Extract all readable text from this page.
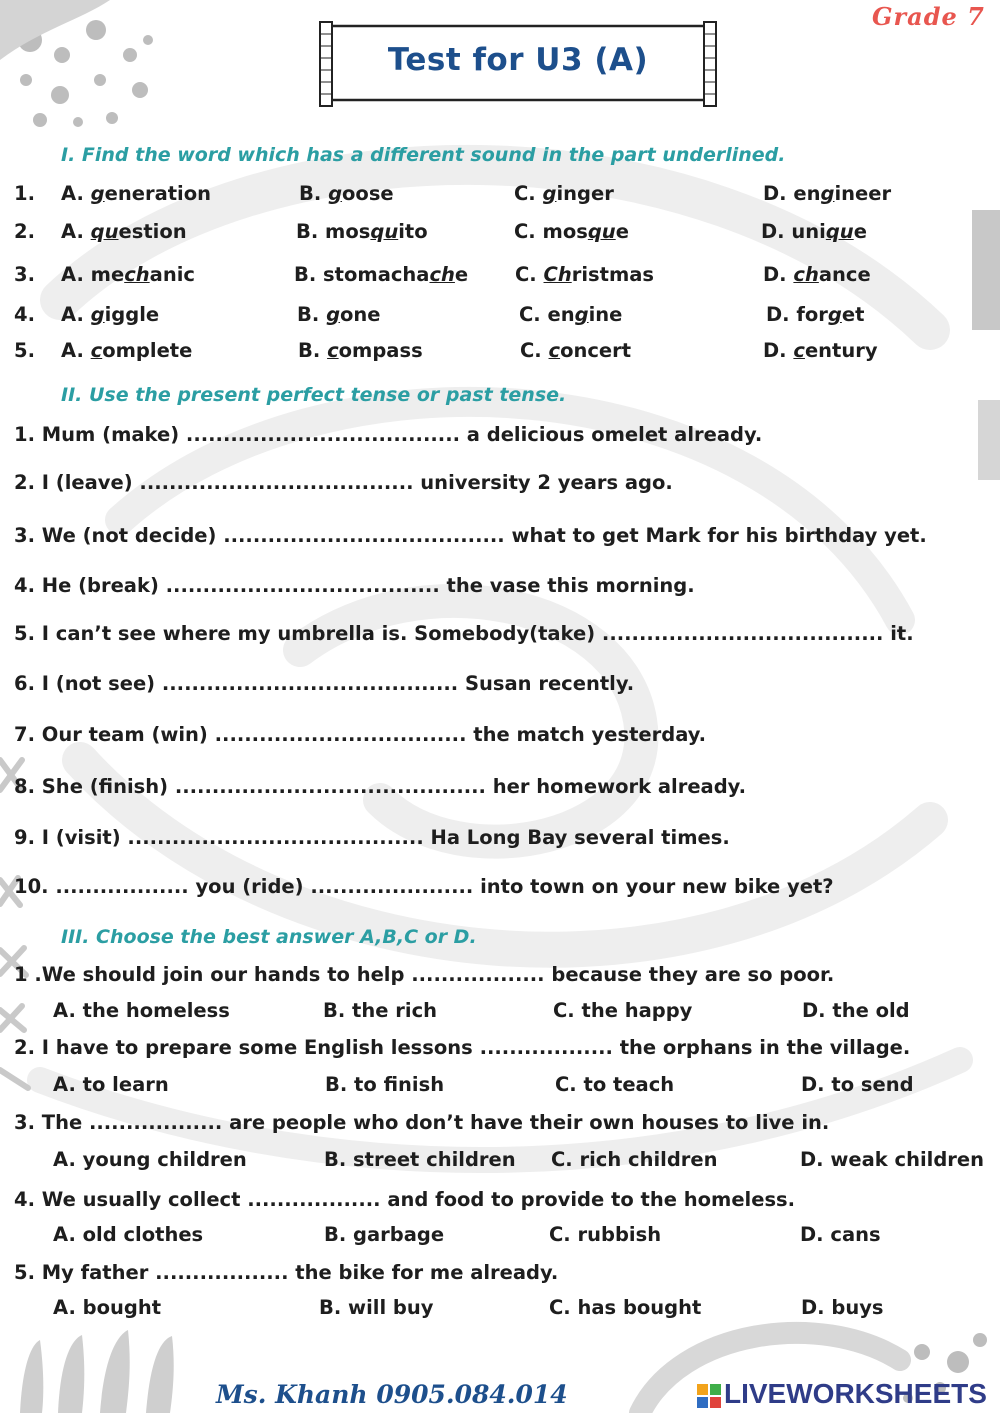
Grade 7
Test for U3 (A)
I. Find the word which has a different sound in the part underlined.
1. A. generation	B. goose	C. ginger	D. engineer
2. A. question	B. mosquito	C. mosque	D. unique
3. A. mechanic	B. stomachache C. Christmas	D. chance
4. A. giggle	B. gone	C. engine	D. forget
5. A. complete	B. compass	C. concert	D. century
II. Use the present perfect tense or past tense.
1. Mum (make) ..................................... a delicious omelet already.
2. I (leave) ..................................... university 2 years ago.
3. We (not decide) ...................................... what to get Mark for his birthday yet.
4. He (break) ..................................... the vase this morning.
5. I can’t see where my umbrella is. Somebody(take) ...................................... it.
6. I (not see) ........................................ Susan recently.
7. Our team (win) .................................. the match yesterday.
8. She (finish) .......................................... her homework already.
9. I (visit) ........................................ Ha Long Bay several times.
10. .................. you (ride) ...................... into town on your new bike yet?
III. Choose the best answer A,B,C or D.
1 .We should join our hands to help .................. because they are so poor.
A. the homeless	B. the rich	C. the happy	D. the old
2. I have to prepare some English lessons .................. the orphans in the village.
A. to learn	B. to finish	C. to teach	D. to send
3. The .................. are people who don’t have their own houses to live in.
A. young children	B. street children C. rich children	D. weak children
4. We usually collect .................. and food to provide to the homeless.
A. old clothes	B. garbage	C. rubbish	D. cans
5. My father .................. the bike for me already.
A. bought	B. will buy	C. has bought	D. buys
Ms. Khanh 0905.084.014	LIVEWORKSHEETS
